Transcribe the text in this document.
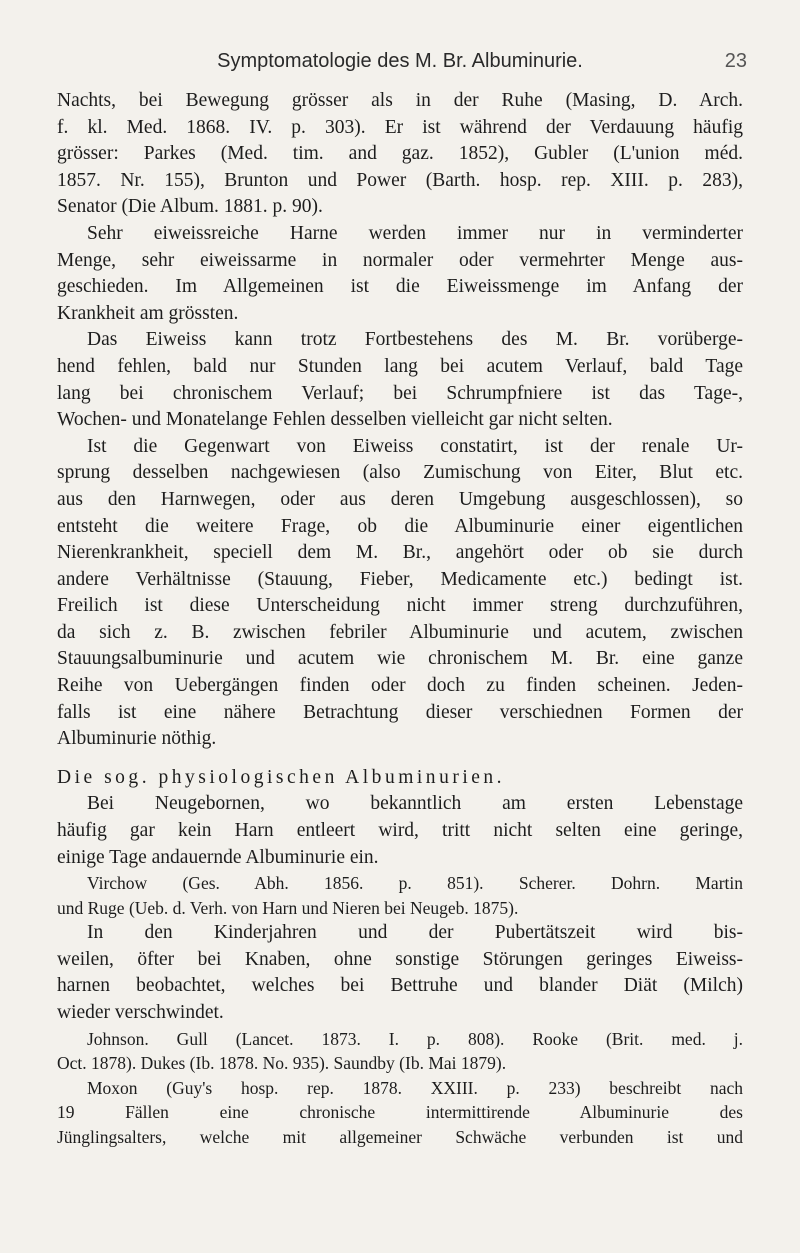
Symptomatologie des M. Br. Albuminurie.	23
Nachts, bei Bewegung grösser als in der Ruhe (Masing, D. Arch.
f. kl. Med. 1868. IV. p. 303). Er ist während der Verdauung häufig
grösser: Parkes (Med. tim. and gaz. 1852), Gubler (L'union méd.
1857. Nr. 155), Brunton und Power (Barth. hosp. rep. XIII. p. 283),
Senator (Die Album. 1881. p. 90).
Sehr eiweissreiche Harne werden immer nur in verminderter
Menge, sehr eiweissarme in normaler oder vermehrter Menge aus-
geschieden. Im Allgemeinen ist die Eiweissmenge im Anfang der
Krankheit am grössten.
Das Eiweiss kann trotz Fortbestehens des M. Br. vorüberge-
hend fehlen, bald nur Stunden lang bei acutem Verlauf, bald Tage
lang bei chronischem Verlauf; bei Schrumpfniere ist das Tage-,
Wochen- und Monatelange Fehlen desselben vielleicht gar nicht selten.
Ist die Gegenwart von Eiweiss constatirt, ist der renale Ur-
sprung desselben nachgewiesen (also Zumischung von Eiter, Blut etc.
aus den Harnwegen, oder aus deren Umgebung ausgeschlossen), so
entsteht die weitere Frage, ob die Albuminurie einer eigentlichen
Nierenkrankheit, speciell dem M. Br., angehört oder ob sie durch
andere Verhältnisse (Stauung, Fieber, Medicamente etc.) bedingt ist.
Freilich ist diese Unterscheidung nicht immer streng durchzuführen,
da sich z. B. zwischen febriler Albuminurie und acutem, zwischen
Stauungsalbuminurie und acutem wie chronischem M. Br. eine ganze
Reihe von Uebergängen finden oder doch zu finden scheinen. Jeden-
falls ist eine nähere Betrachtung dieser verschiednen Formen der
Albuminurie nöthig.
Die sog. physiologischen Albuminurien.
Bei Neugebornen, wo bekanntlich am ersten Lebenstage
häufig gar kein Harn entleert wird, tritt nicht selten eine geringe,
einige Tage andauernde Albuminurie ein.
Virchow (Ges. Abh. 1856. p. 851). Scherer. Dohrn. Martin
und Ruge (Ueb. d. Verh. von Harn und Nieren bei Neugeb. 1875).
In den Kinderjahren und der Pubertätszeit wird bis-
weilen, öfter bei Knaben, ohne sonstige Störungen geringes Eiweiss-
harnen beobachtet, welches bei Bettruhe und blander Diät (Milch)
wieder verschwindet.
Johnson. Gull (Lancet. 1873. I. p. 808). Rooke (Brit. med. j.
Oct. 1878). Dukes (Ib. 1878. No. 935). Saundby (Ib. Mai 1879).
Moxon (Guy's hosp. rep. 1878. XXIII. p. 233) beschreibt nach
19 Fällen eine chronische intermittirende Albuminurie des
Jünglingsalters, welche mit allgemeiner Schwäche verbunden ist und
